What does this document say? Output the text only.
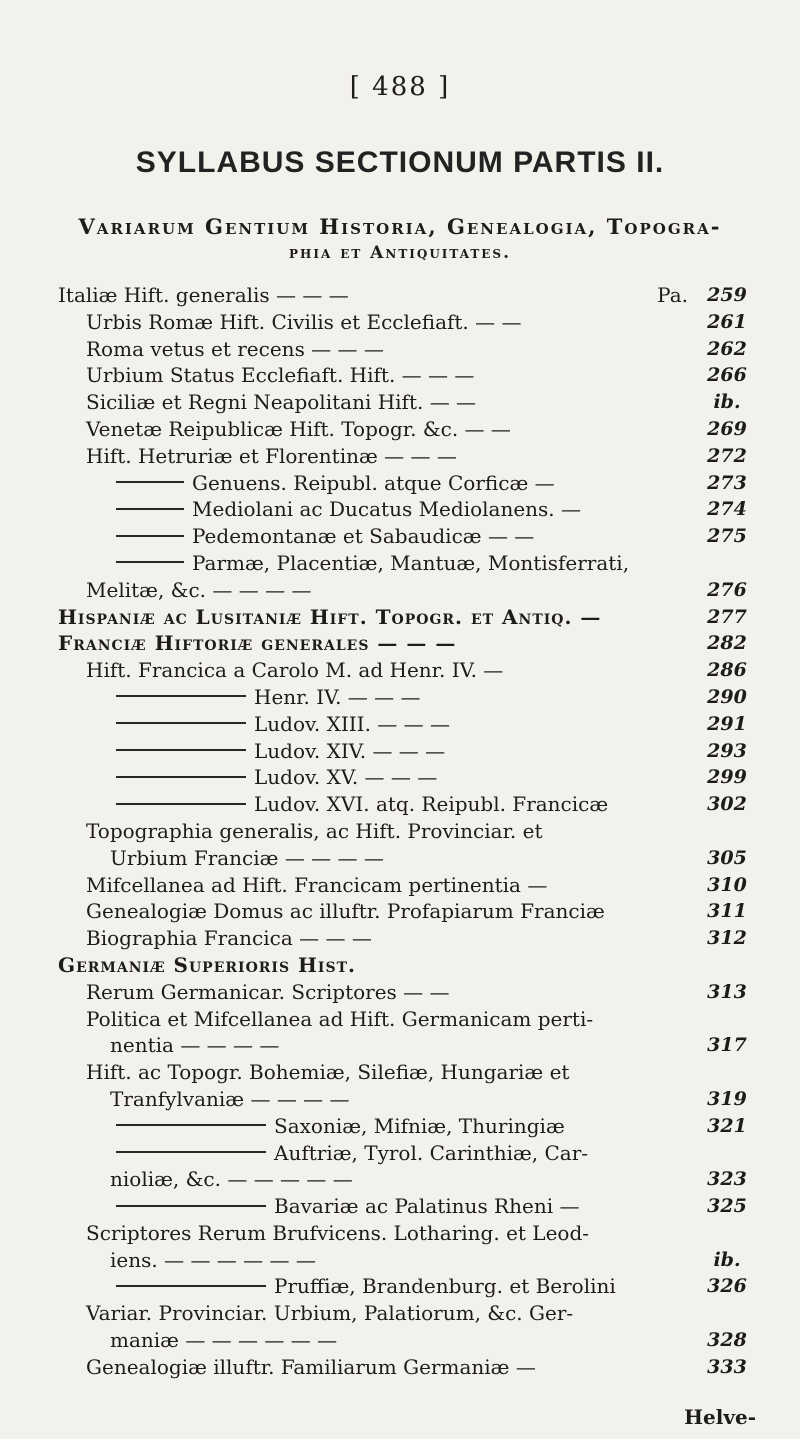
[ 488 ]
SYLLABUS SECTIONUM PARTIS II.
Variarum Gentium Historia, Genealogia, Topogra-
phia et Antiquitates.
Italiæ Hift. generalis — — —	Pa.	259
Urbis Romæ Hift. Civilis et Ecclefiaft. — —	261
Roma vetus et recens — — —	262
Urbium Status Ecclefiaft. Hift. — — —	266
Siciliæ et Regni Neapolitani Hift. — —	ib.
Venetæ Reipublicæ Hift. Topogr. &c. — —	269
Hift. Hetruriæ et Florentinæ — — —	272
Genuens. Reipubl. atque Corficæ —	273
Mediolani ac Ducatus Mediolanens. —	274
Pedemontanæ et Sabaudicæ — —	275
Parmæ, Placentiæ, Mantuæ, Montisferrati,
Melitæ, &c. — — — —	276
Hispaniæ ac Lusitaniæ Hift. Topogr. et Antiq. —	277
Franciæ Hiftoriæ generales — — —	282
Hift. Francica a Carolo M. ad Henr. IV. —	286
Henr. IV. — — —	290
Ludov. XIII. — — —	291
Ludov. XIV. — — —	293
Ludov. XV. — — —	299
Ludov. XVI. atq. Reipubl. Francicæ	302
Topographia generalis, ac Hift. Provinciar. et
Urbium Franciæ — — — —	305
Mifcellanea ad Hift. Francicam pertinentia —	310
Genealogiæ Domus ac illuftr. Profapiarum Franciæ	311
Biographia Francica — — —	312
Germaniæ Superioris Hist.
Rerum Germanicar. Scriptores — —	313
Politica et Mifcellanea ad Hift. Germanicam perti-
nentia — — — —	317
Hift. ac Topogr. Bohemiæ, Silefiæ, Hungariæ et
Tranfylvaniæ — — — —	319
Saxoniæ, Mifniæ, Thuringiæ	321
Auftriæ, Tyrol. Carinthiæ, Car-
nioliæ, &c. — — — — —	323
Bavariæ ac Palatinus Rheni —	325
Scriptores Rerum Brufvicens. Lotharing. et Leod-
iens. — — — — — —	ib.
Pruffiæ, Brandenburg. et Berolini	326
Variar. Provinciar. Urbium, Palatiorum, &c. Ger-
maniæ — — — — — —	328
Genealogiæ illuftr. Familiarum Germaniæ —	333
Helve-
